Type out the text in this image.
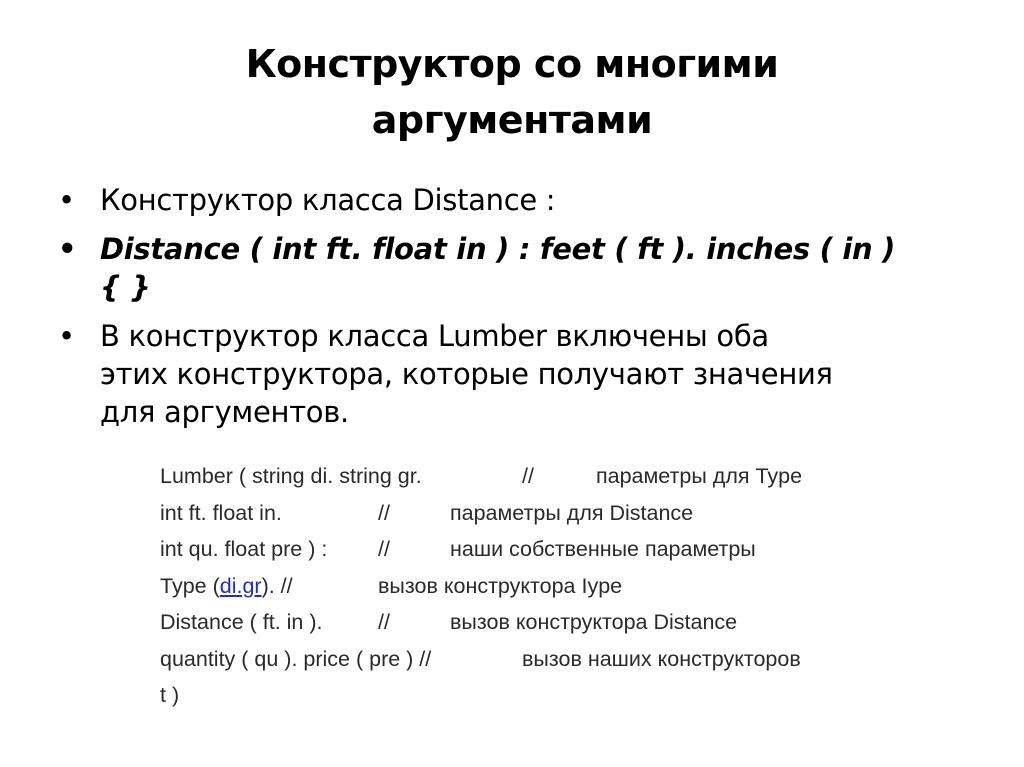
Конструктор со многими
аргументами
• Конструктор класса Distance :
• Distance ( int ft. float in ) : feet ( ft ). inches ( in )
{ }
• В конструктор класса Lumber включены оба
этих конструктора, которые получают значения
для аргументов.
Lumber ( string di. string gr.	//	параметры для Type
int ft. float in.	//	параметры для Distance
int qu. float pre ) : //	наши собственные параметры
Type (di.gr). //	вызов конструктора Iype
Distance ( ft. in ).	//	вызов конструктора Distance
quantity ( qu ). price ( pre ) //	вызов наших конструкторов
t )
